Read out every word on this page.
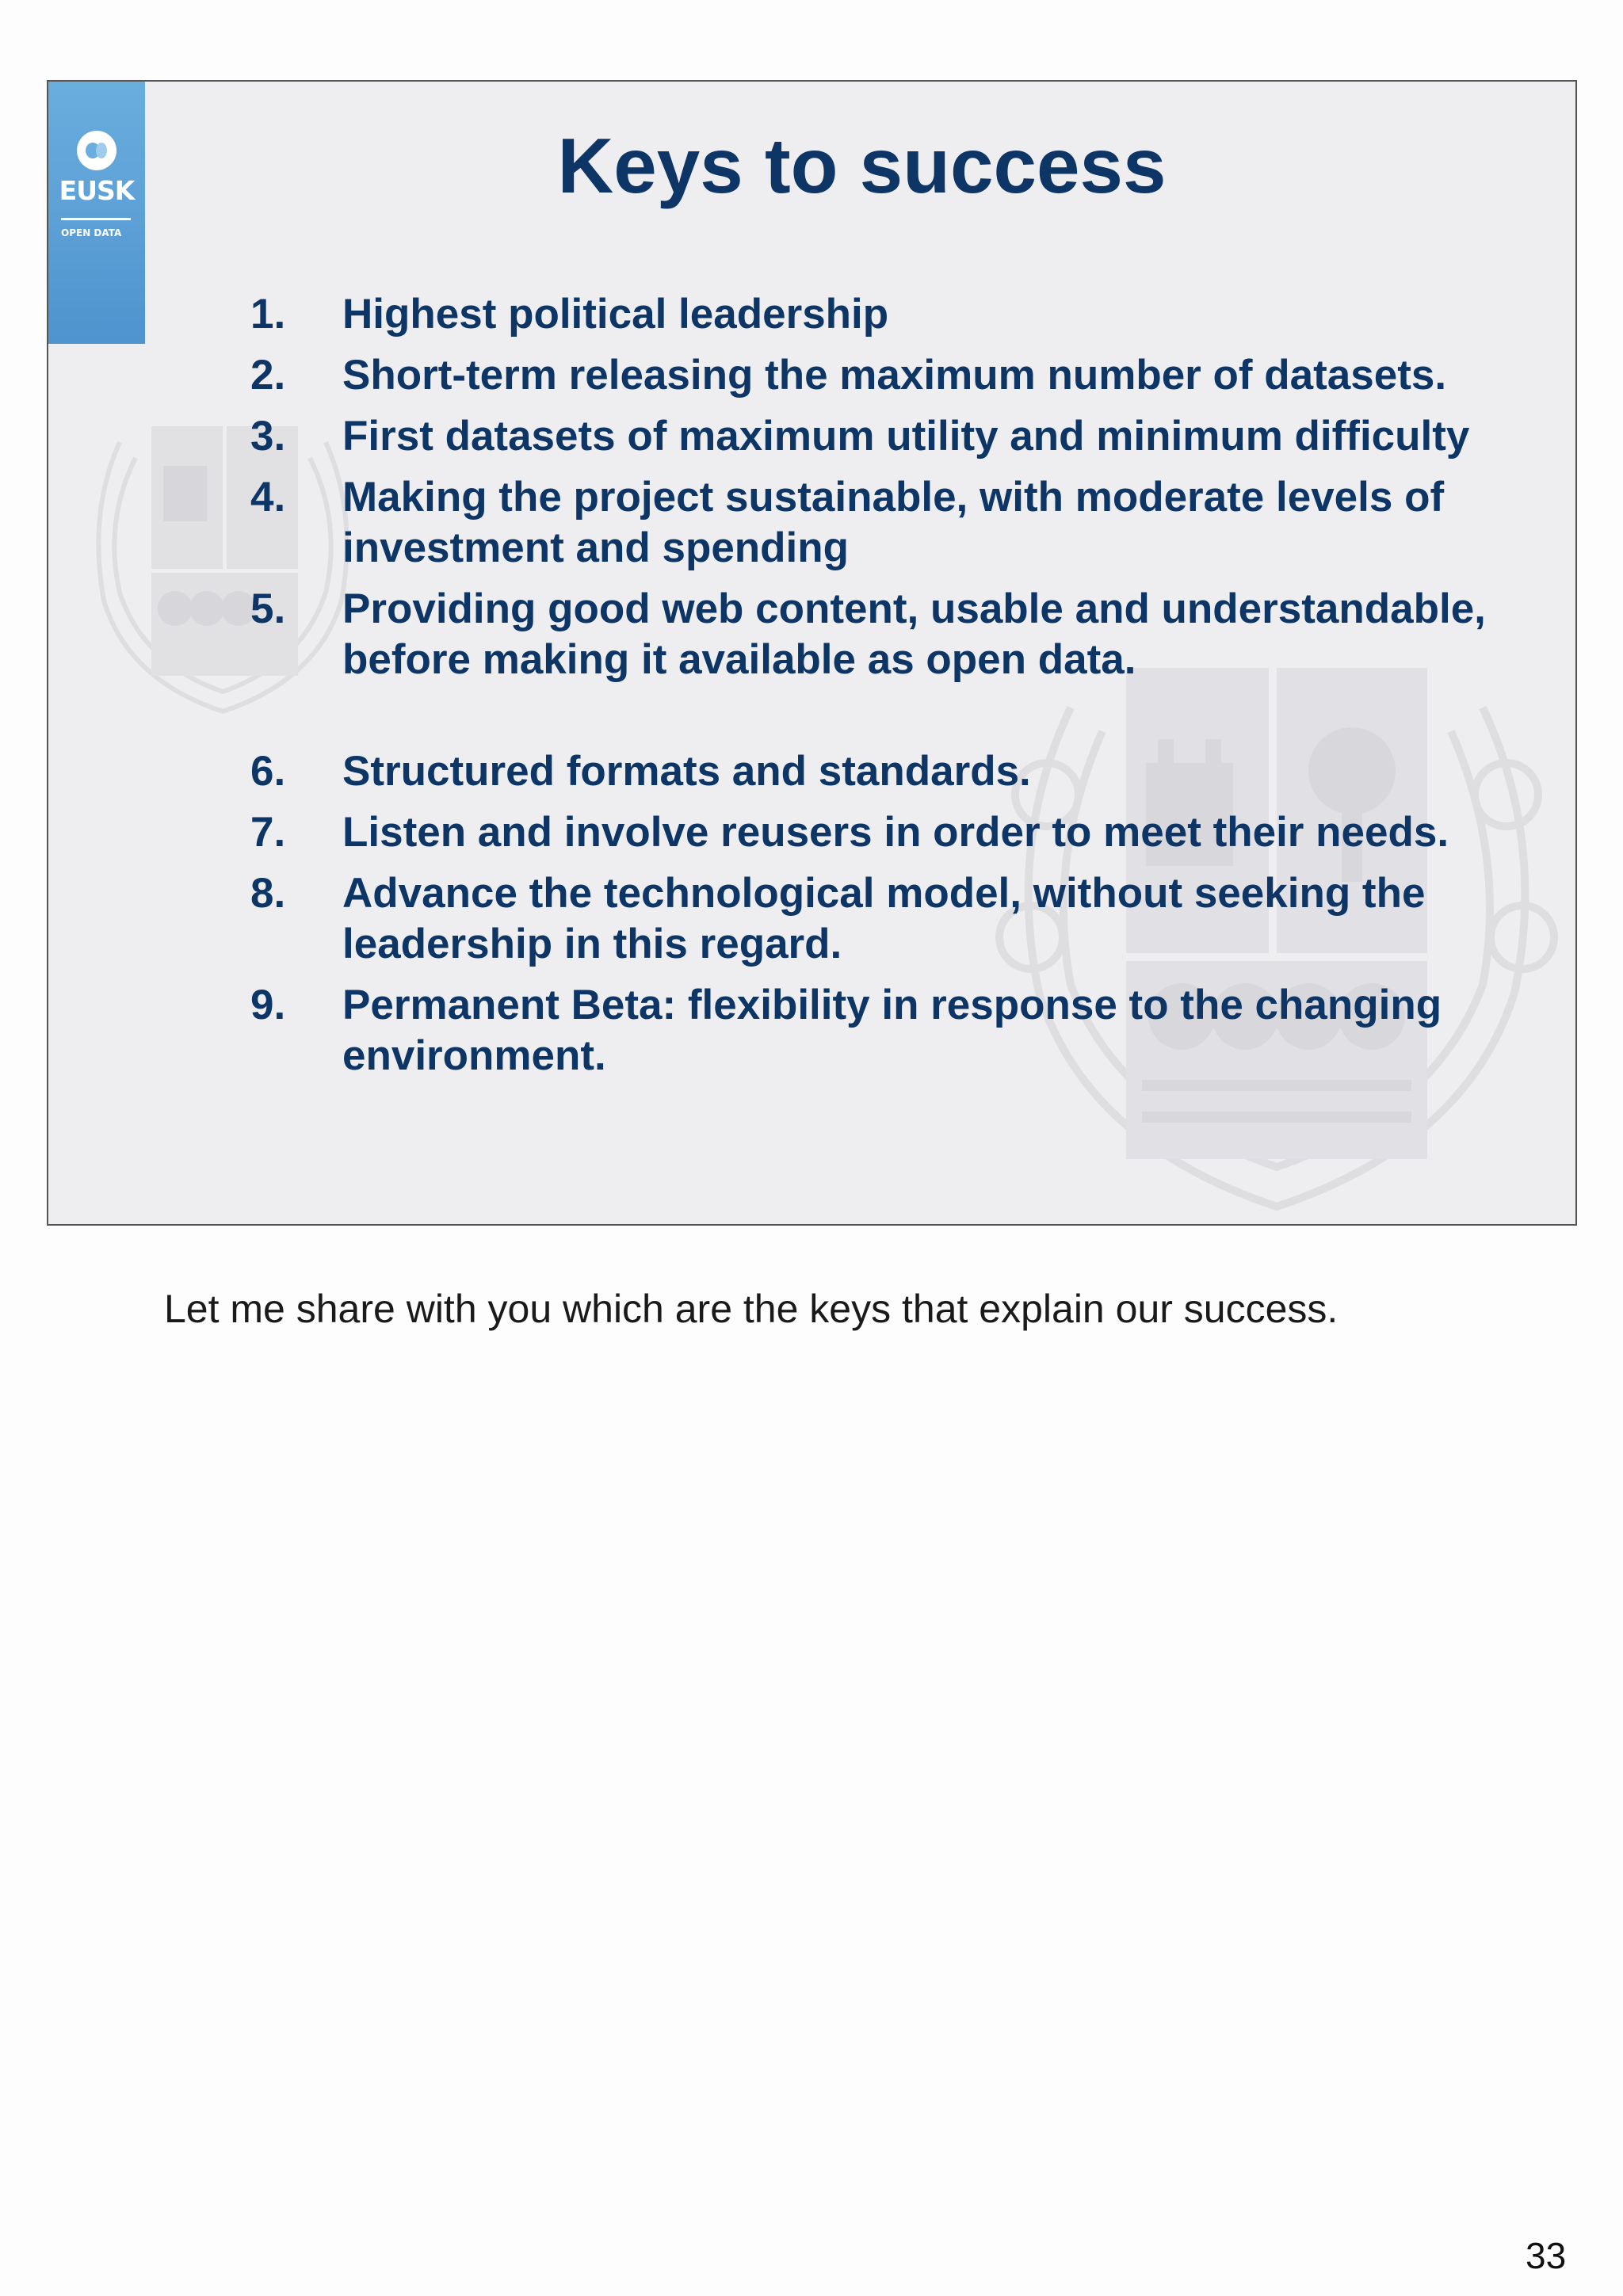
EUSK
OPEN DATA
Keys to success
1.	Highest political leadership
2.	Short-term releasing the maximum number of datasets.
3.	First datasets of maximum utility and minimum difficulty
4.	Making the project sustainable, with moderate levels of investment and spending
5.	Providing good web content, usable and understandable, before making it available as open data.
6.	Structured formats and standards.
7.	Listen and involve reusers in order to meet their needs.
8.	Advance the technological model, without seeking the leadership in this regard.
9.	Permanent Beta: flexibility in response to the changing environment.

Let me share with you which are the keys that explain our success.

33
